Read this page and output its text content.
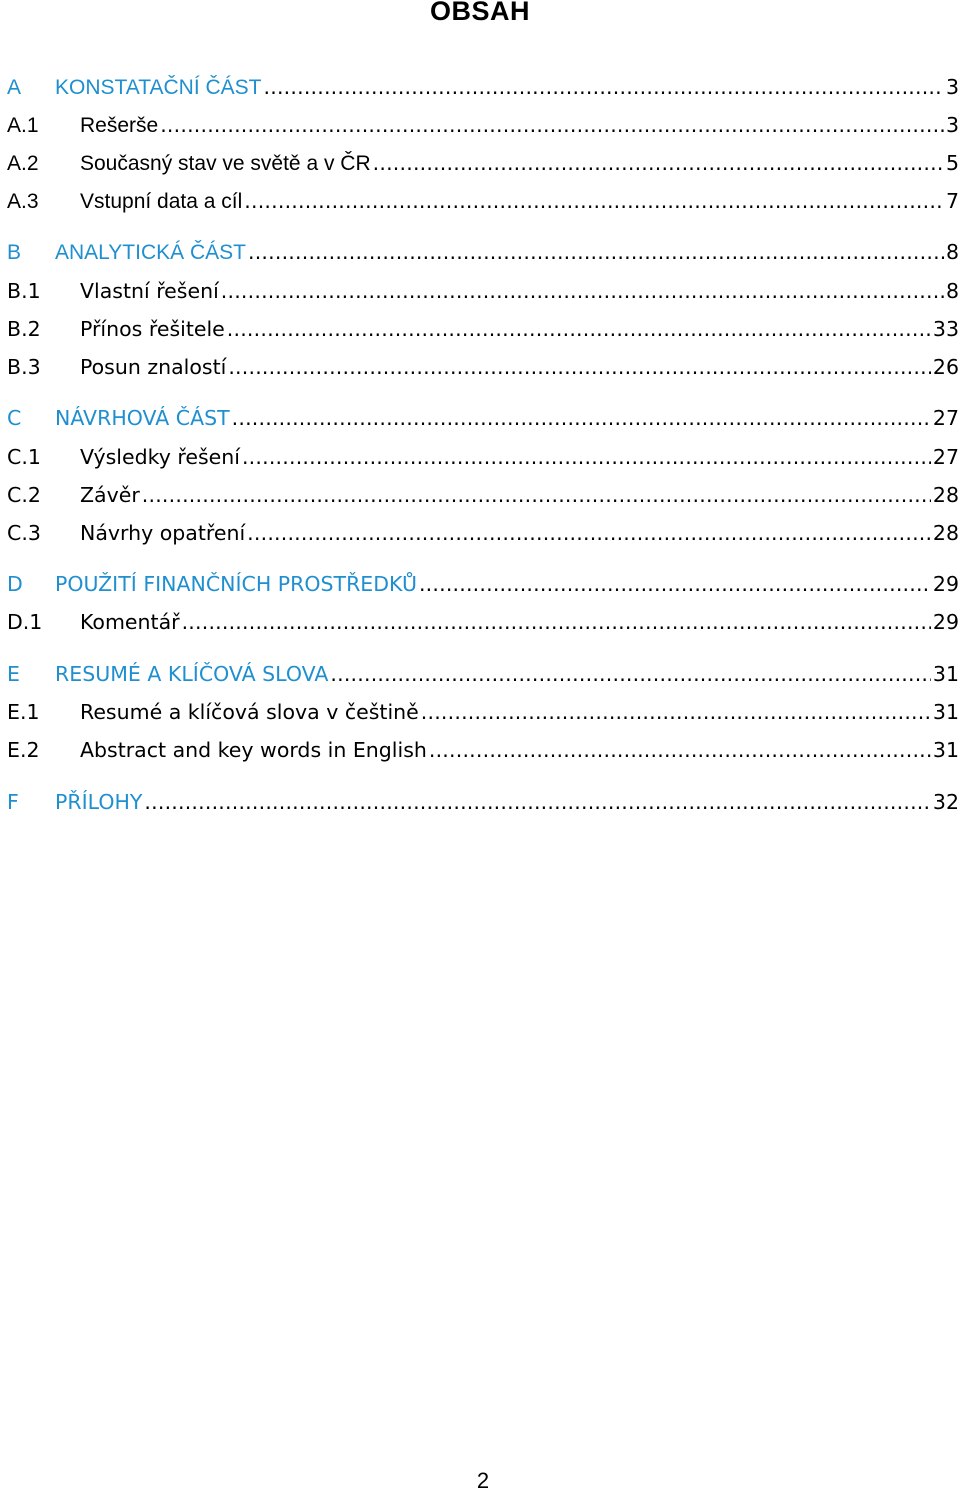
OBSAH
A	KONSTATAČNÍ ČÁST .....	3
A.1	Rešerše .....	3
A.2	Současný stav ve světě a v ČR .....	5
A.3	Vstupní data a cíl .....	7
B	ANALYTICKÁ ČÁST .....	8
B.1	Vlastní řešení .....	8
B.2	Přínos řešitele .....	33
B.3	Posun znalostí .....	26
C	NÁVRHOVÁ ČÁST .....	27
C.1	Výsledky řešení .....	27
C.2	Závěr .....	28
C.3	Návrhy opatření .....	28
D	POUŽITÍ FINANČNÍCH PROSTŘEDKŮ .....	29
D.1	Komentář .....	29
E	RESUMÉ A KLÍČOVÁ SLOVA .....	31
E.1	Resumé a klíčová slova v češtině .....	31
E.2	Abstract and key words in English .....	31
F	PŘÍLOHY .....	32
2
